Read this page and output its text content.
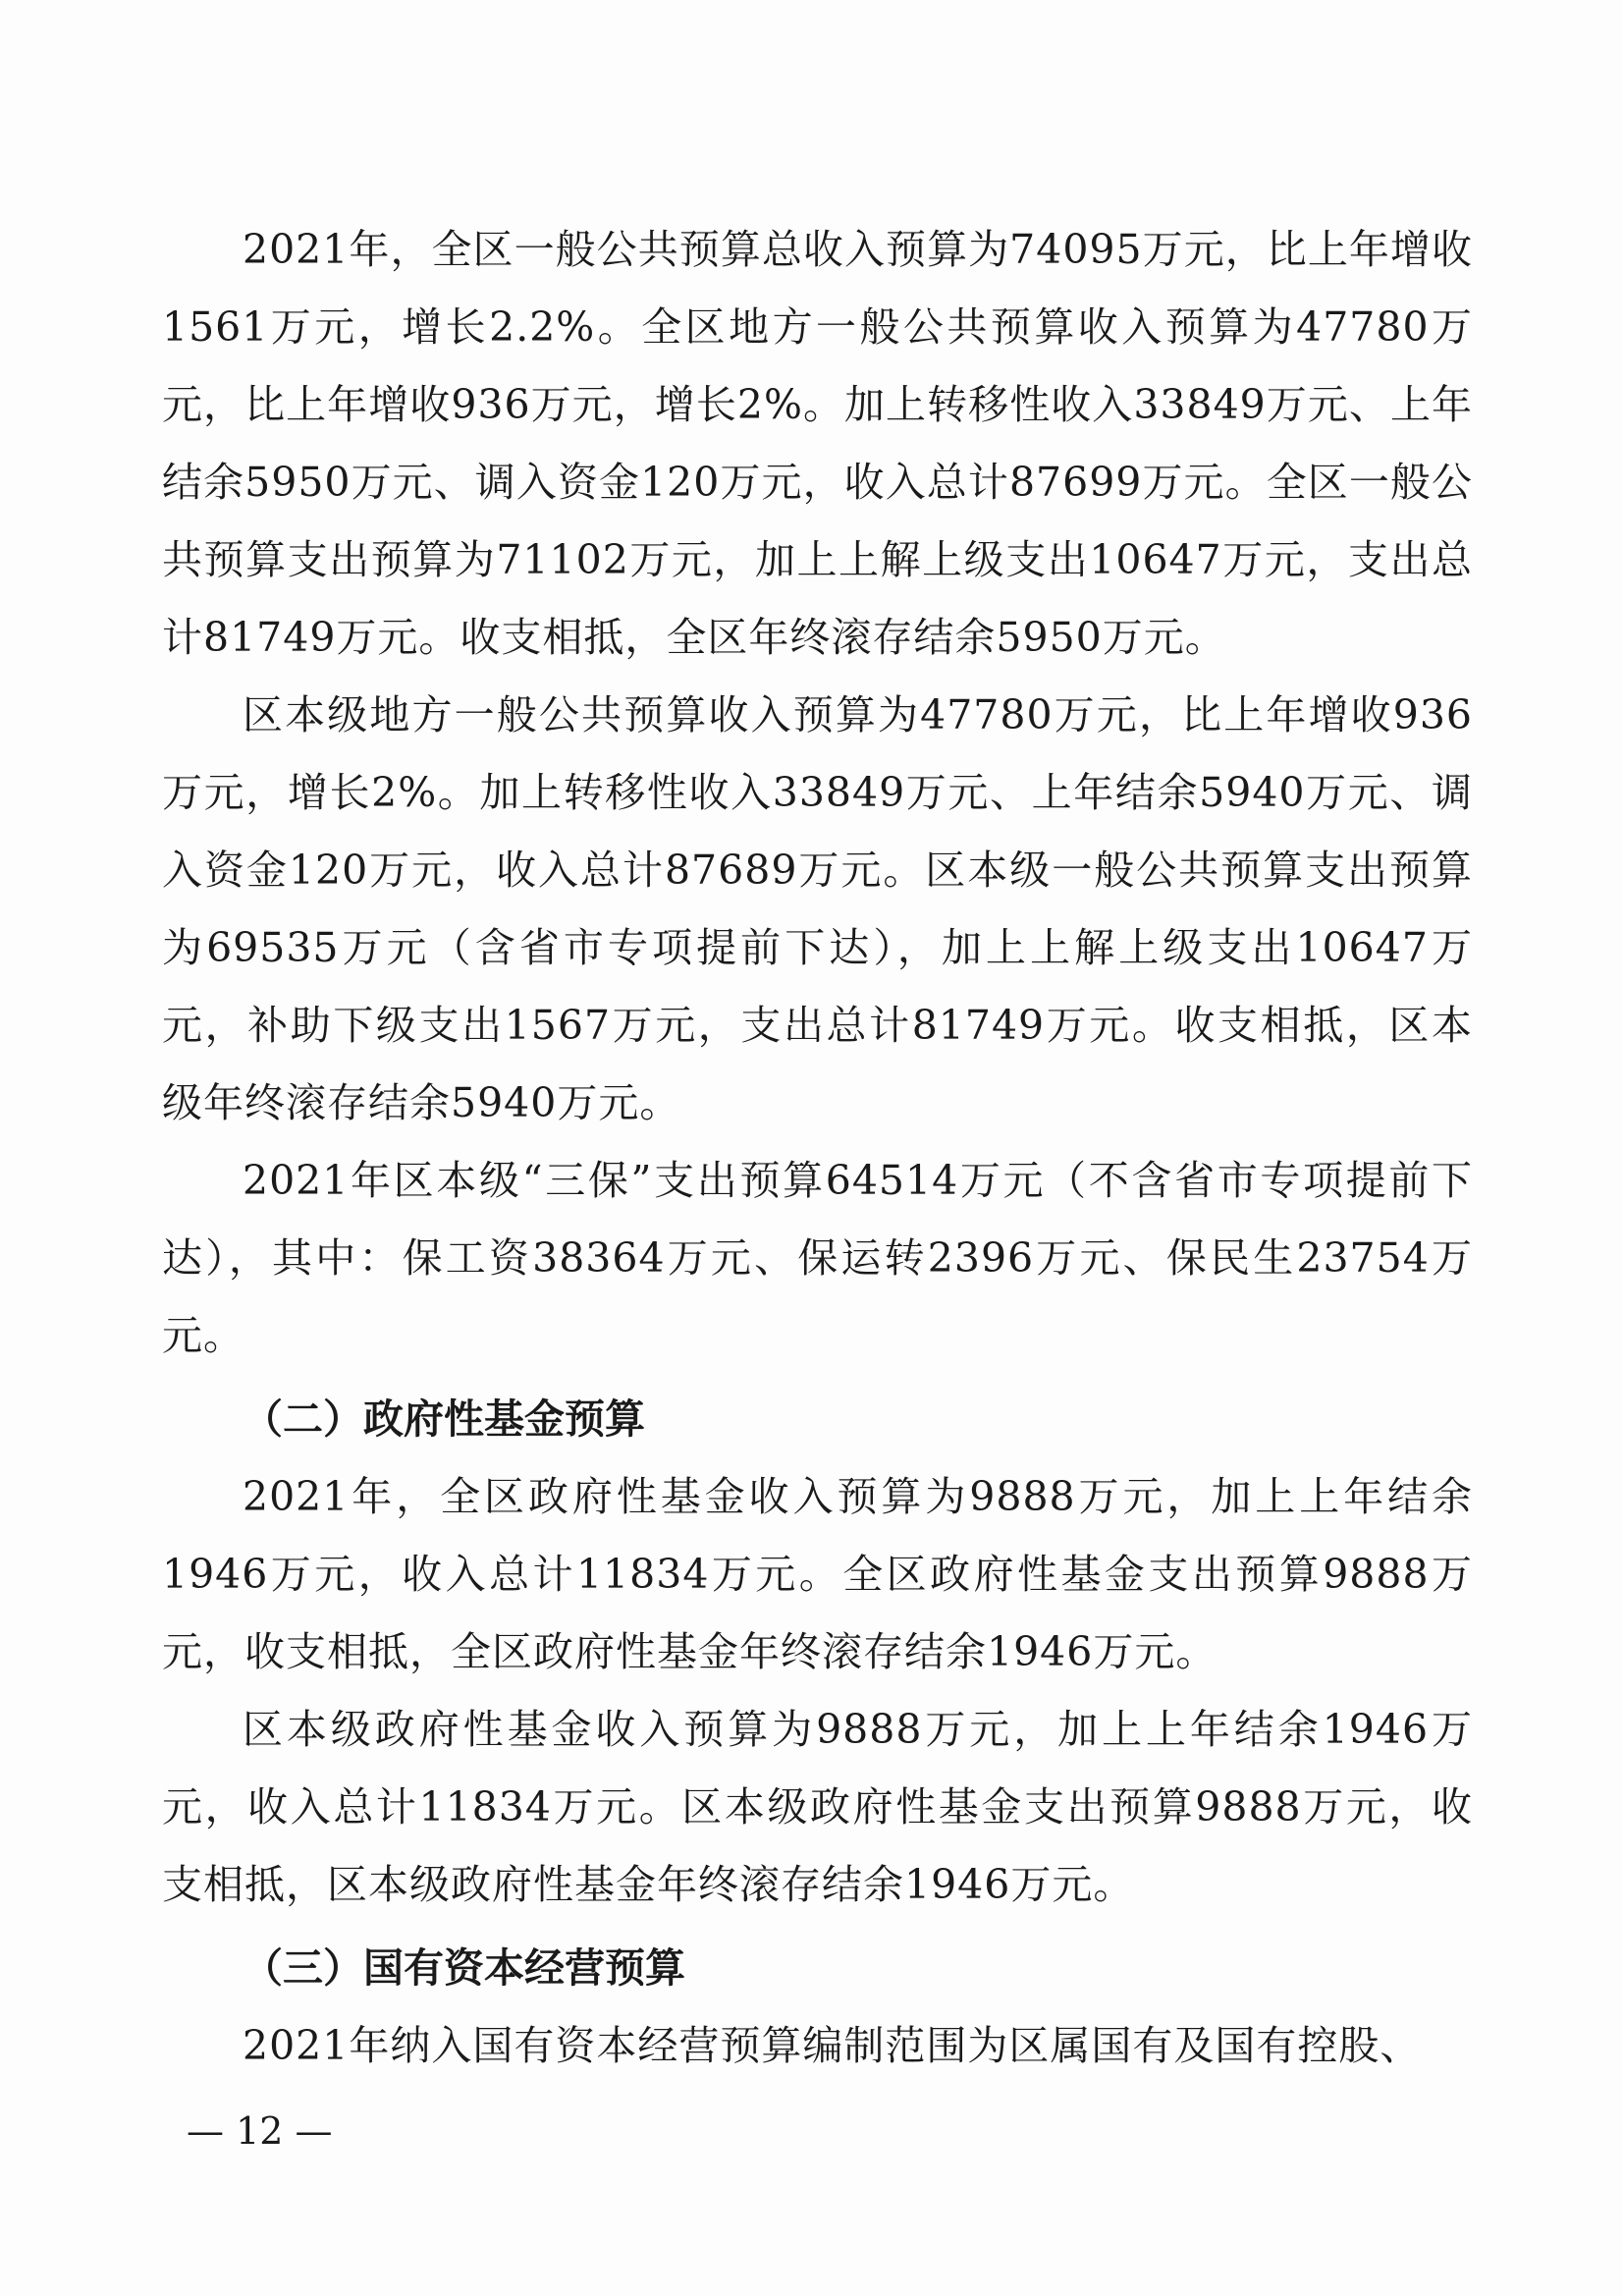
2021年，全区一般公共预算总收入预算为74095万元，比上年增收1561万元，增长2.2%。全区地方一般公共预算收入预算为47780万元，比上年增收936万元，增长2%。加上转移性收入33849万元、上年结余5950万元、调入资金120万元，收入总计87699万元。全区一般公共预算支出预算为71102万元，加上上解上级支出10647万元，支出总计81749万元。收支相抵，全区年终滚存结余5950万元。

区本级地方一般公共预算收入预算为47780万元，比上年增收936万元，增长2%。加上转移性收入33849万元、上年结余5940万元、调入资金120万元，收入总计87689万元。区本级一般公共预算支出预算为69535万元（含省市专项提前下达），加上上解上级支出10647万元，补助下级支出1567万元，支出总计81749万元。收支相抵，区本级年终滚存结余5940万元。

2021年区本级“三保”支出预算64514万元（不含省市专项提前下达），其中：保工资38364万元、保运转2396万元、保民生23754万元。

（二）政府性基金预算

2021年，全区政府性基金收入预算为9888万元，加上上年结余1946万元，收入总计11834万元。全区政府性基金支出预算9888万元，收支相抵，全区政府性基金年终滚存结余1946万元。

区本级政府性基金收入预算为9888万元，加上上年结余1946万元，收入总计11834万元。区本级政府性基金支出预算9888万元，收支相抵，区本级政府性基金年终滚存结余1946万元。

（三）国有资本经营预算

2021年纳入国有资本经营预算编制范围为区属国有及国有控股、

— 12 —
